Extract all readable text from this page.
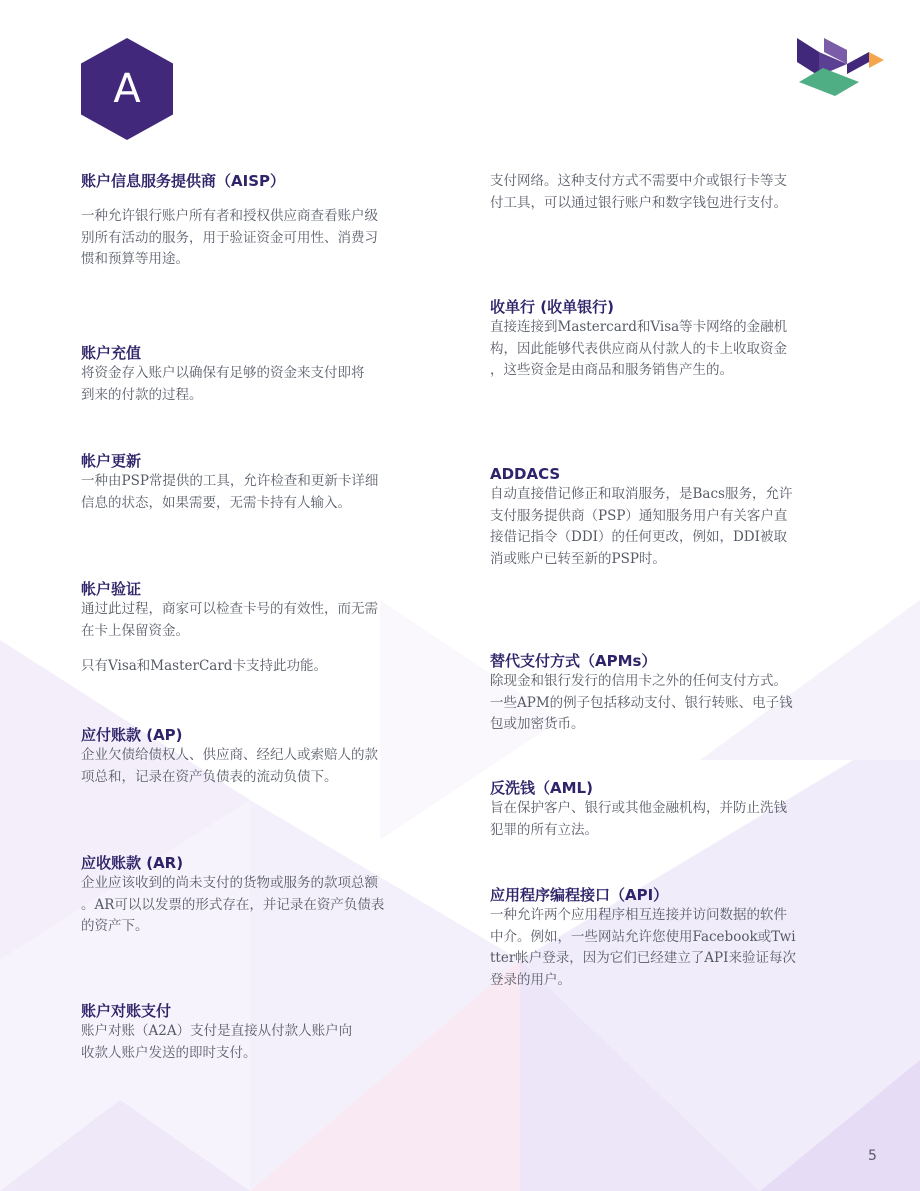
A

账户信息服务提供商（AISP）

一种允许银行账户所有者和授权供应商查看账户级

别所有活动的服务，用于验证资金可用性、消费习

惯和预算等用途。

账户充值

将资金存入账户以确保有足够的资金来支付即将

到来的付款的过程。

帐户更新

一种由PSP常提供的工具，允许检查和更新卡详细

信息的状态，如果需要，无需卡持有人输入。

帐户验证

通过此过程，商家可以检查卡号的有效性，而无需

在卡上保留资金。

只有Visa和MasterCard卡支持此功能。

应付账款 (AP)

企业欠债给债权人、供应商、经纪人或索赔人的款

项总和，记录在资产负债表的流动负债下。

应收账款 (AR)

企业应该收到的尚未支付的货物或服务的款项总额

。AR可以以发票的形式存在，并记录在资产负债表

的资产下。

账户对账支付

账户对账（A2A）支付是直接从付款人账户向

收款人账户发送的即时支付。

支付网络。这种支付方式不需要中介或银行卡等支

付工具，可以通过银行账户和数字钱包进行支付。

收单行 (收单银行)

直接连接到Mastercard和Visa等卡网络的金融机

构，因此能够代表供应商从付款人的卡上收取资金

，这些资金是由商品和服务销售产生的。

ADDACS

自动直接借记修正和取消服务，是Bacs服务，允许

支付服务提供商（PSP）通知服务用户有关客户直

接借记指令（DDI）的任何更改，例如，DDI被取

消或账户已转至新的PSP时。

替代支付方式（APMs）

除现金和银行发行的信用卡之外的任何支付方式。

一些APM的例子包括移动支付、银行转账、电子钱

包或加密货币。

反洗钱（AML)

旨在保护客户、银行或其他金融机构，并防止洗钱

犯罪的所有立法。

应用程序编程接口（API）

一种允许两个应用程序相互连接并访问数据的软件

中介。例如，一些网站允许您使用Facebook或Twi

tter帐户登录，因为它们已经建立了API来验证每次

登录的用户。

5
